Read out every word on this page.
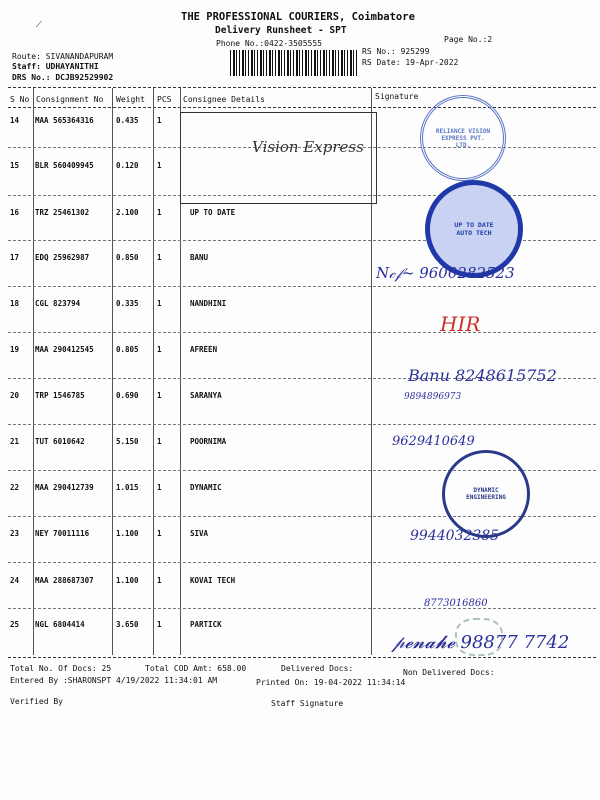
THE PROFESSIONAL COURIERS, Coimbatore
Delivery Runsheet - SPT
Phone No.:0422-3505555	Page No.:2
Route: SIVANANDAPURAM
Staff: UDHAYANITHI
DRS No.: DCJB92529902
RS No.: 925299
RS Date: 19-Apr-2022
⟋
S No Consignment No Weight PCS Consignee Details	Signature
14 MAA 565364316	0.435 1
15 BLR 560409945	0.120 1
16 TRZ 25461302	2.100 1	UP TO DATE
17 EDQ 25962987	0.850 1	BANU
18 CGL 823794	0.335 1	NANDHINI
19 MAA 290412545	0.805 1	AFREEN
20 TRP 1546785	0.690 1	SARANYA
21 TUT 6010642	5.150 1	POORNIMA
22 MAA 290412739	1.015 1	DYNAMIC
23 NEY 70011116	1.100 1	SIVA
24 MAA 288687307	1.100 1	KOVAI TECH
25 NGL 6804414	3.650 1	PARTICK
Vision Express
RELIANCE VISION EXPRESS PVT. LTD.
UP TO DATE AUTO TECH
DYNAMIC ENGINEERING
N𝒸𝒻~ 9600282523
HIR
Banu 8248615752
9894896973
9629410649
9944032385
8773016860
𝓅𝓮𝓷𝓪𝓱𝓮 98877 7742
Total No. Of Docs: 25	Total COD Amt: 658.00	Delivered Docs:	Non Delivered Docs:
Entered By :SHARONSPT 4/19/2022 11:34:01 AM	Printed On: 19-04-2022 11:34:14
Verified By	Staff Signature
